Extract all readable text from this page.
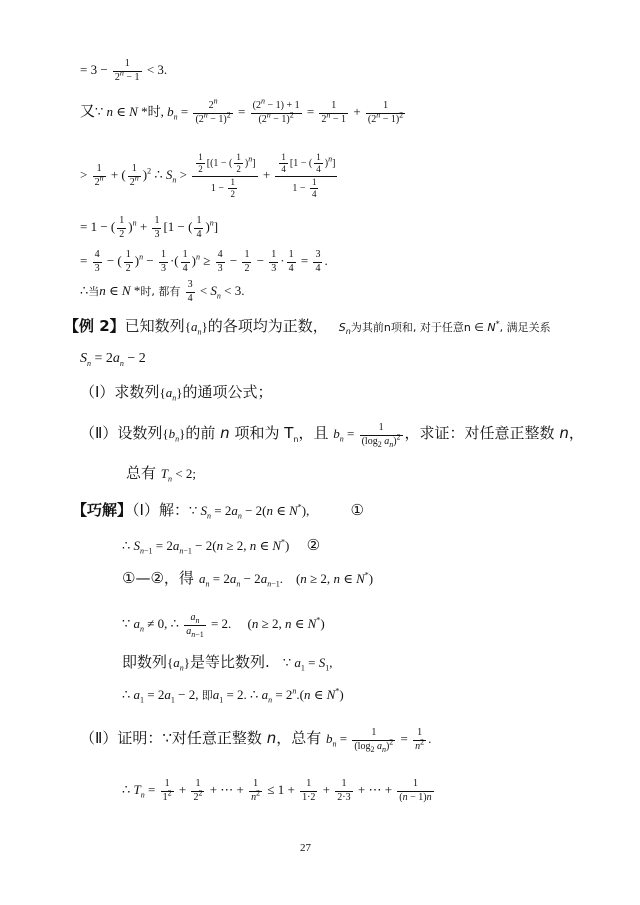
= $3 - \frac{1}{2^n - 1} < 3$.
又∵ n ∈ N *时, $b_n = \frac{2^n}{(2^n - 1)^2} = \frac{(2^n - 1) + 1}{(2^n - 1)^2} = \frac{1}{2^n - 1} + \frac{1}{(2^n - 1)^2}$
> $\frac{1}{2^n}$ + ( $\frac{1}{2^n} )^2$ ∴ $S_n > \frac{\frac{1}{2} [(1 - ( \frac{1}{2} )^n]}{1 - \frac{1}{2}} + \frac{\frac{1}{4} [1 - ( \frac{1}{4} )^n]}{1 - \frac{1}{4}}$
= 1 − ( $\frac{1}{2} )^n + \frac{1}{3} [1$ − ( $\frac{1}{4} )^n$]
= $\frac{4}{3}$ − ( $\frac{1}{2} )^n - \frac{1}{3}$ ·( $\frac{1}{4} )^n \ge \frac{4}{3} - \frac{1}{2} - \frac{1}{3} \cdot \frac{1}{4} = \frac{3}{4}$ .
∴当n ∈ N *时, 都有 $\frac{3}{4} < S_n < 3$.
【例 2】已知数列$\{a_n\}$的各项均为正数， $S_n$为其前n项和, 对于任意n ∈ N*, 满足关系
$S_n = 2a_n - 2$
（Ⅰ）求数列$\{a_n\}$的通项公式；
（Ⅱ）设数列$\{b_n\}$的前 n 项和为 $T_n$，且 $b_n = \frac{1}{(\log_2 a_n)^2}$ ，求证：对任意正整数 n，
总有 $T_n < 2$;
【巧解】（Ⅰ）解：∵ $S_n = 2a_n - 2(n$ ∈ N*),	①
∴ $S_{n-1} = 2a_{n-1} - 2(n \ge 2$, n ∈ N*) ②
①—②，得 $a_n = 2a_n - 2a_{n-1}$.    (n ≥ 2, n ∈ N*)
∵ $a_n \ne 0$, ∴ $\frac{a_n}{a_{n-1}} = 2$.     (n ≥ 2, n ∈ N*)
即数列$\{a_n\}$是等比数列. ∵ $a_1 = S_1$,
∴ $a_1 = 2a_1 - 2$, 即$a_1 = 2$. ∴ $a_n = 2^n.(n$ ∈ N*)
（Ⅱ）证明：∵对任意正整数 n，总有 $b_n = \frac{1}{(\log_2 a_n)^2} = \frac{1}{n^2}$ .
∴ $T_n = \frac{1}{1^2} + \frac{1}{2^2}$ + ⋯ + $\frac{1}{n^2} \le 1 + \frac{1}{1\cdot 2} + \frac{1}{2\cdot 3}$ + ⋯ + $\frac{1}{(n - 1)n}$
27
